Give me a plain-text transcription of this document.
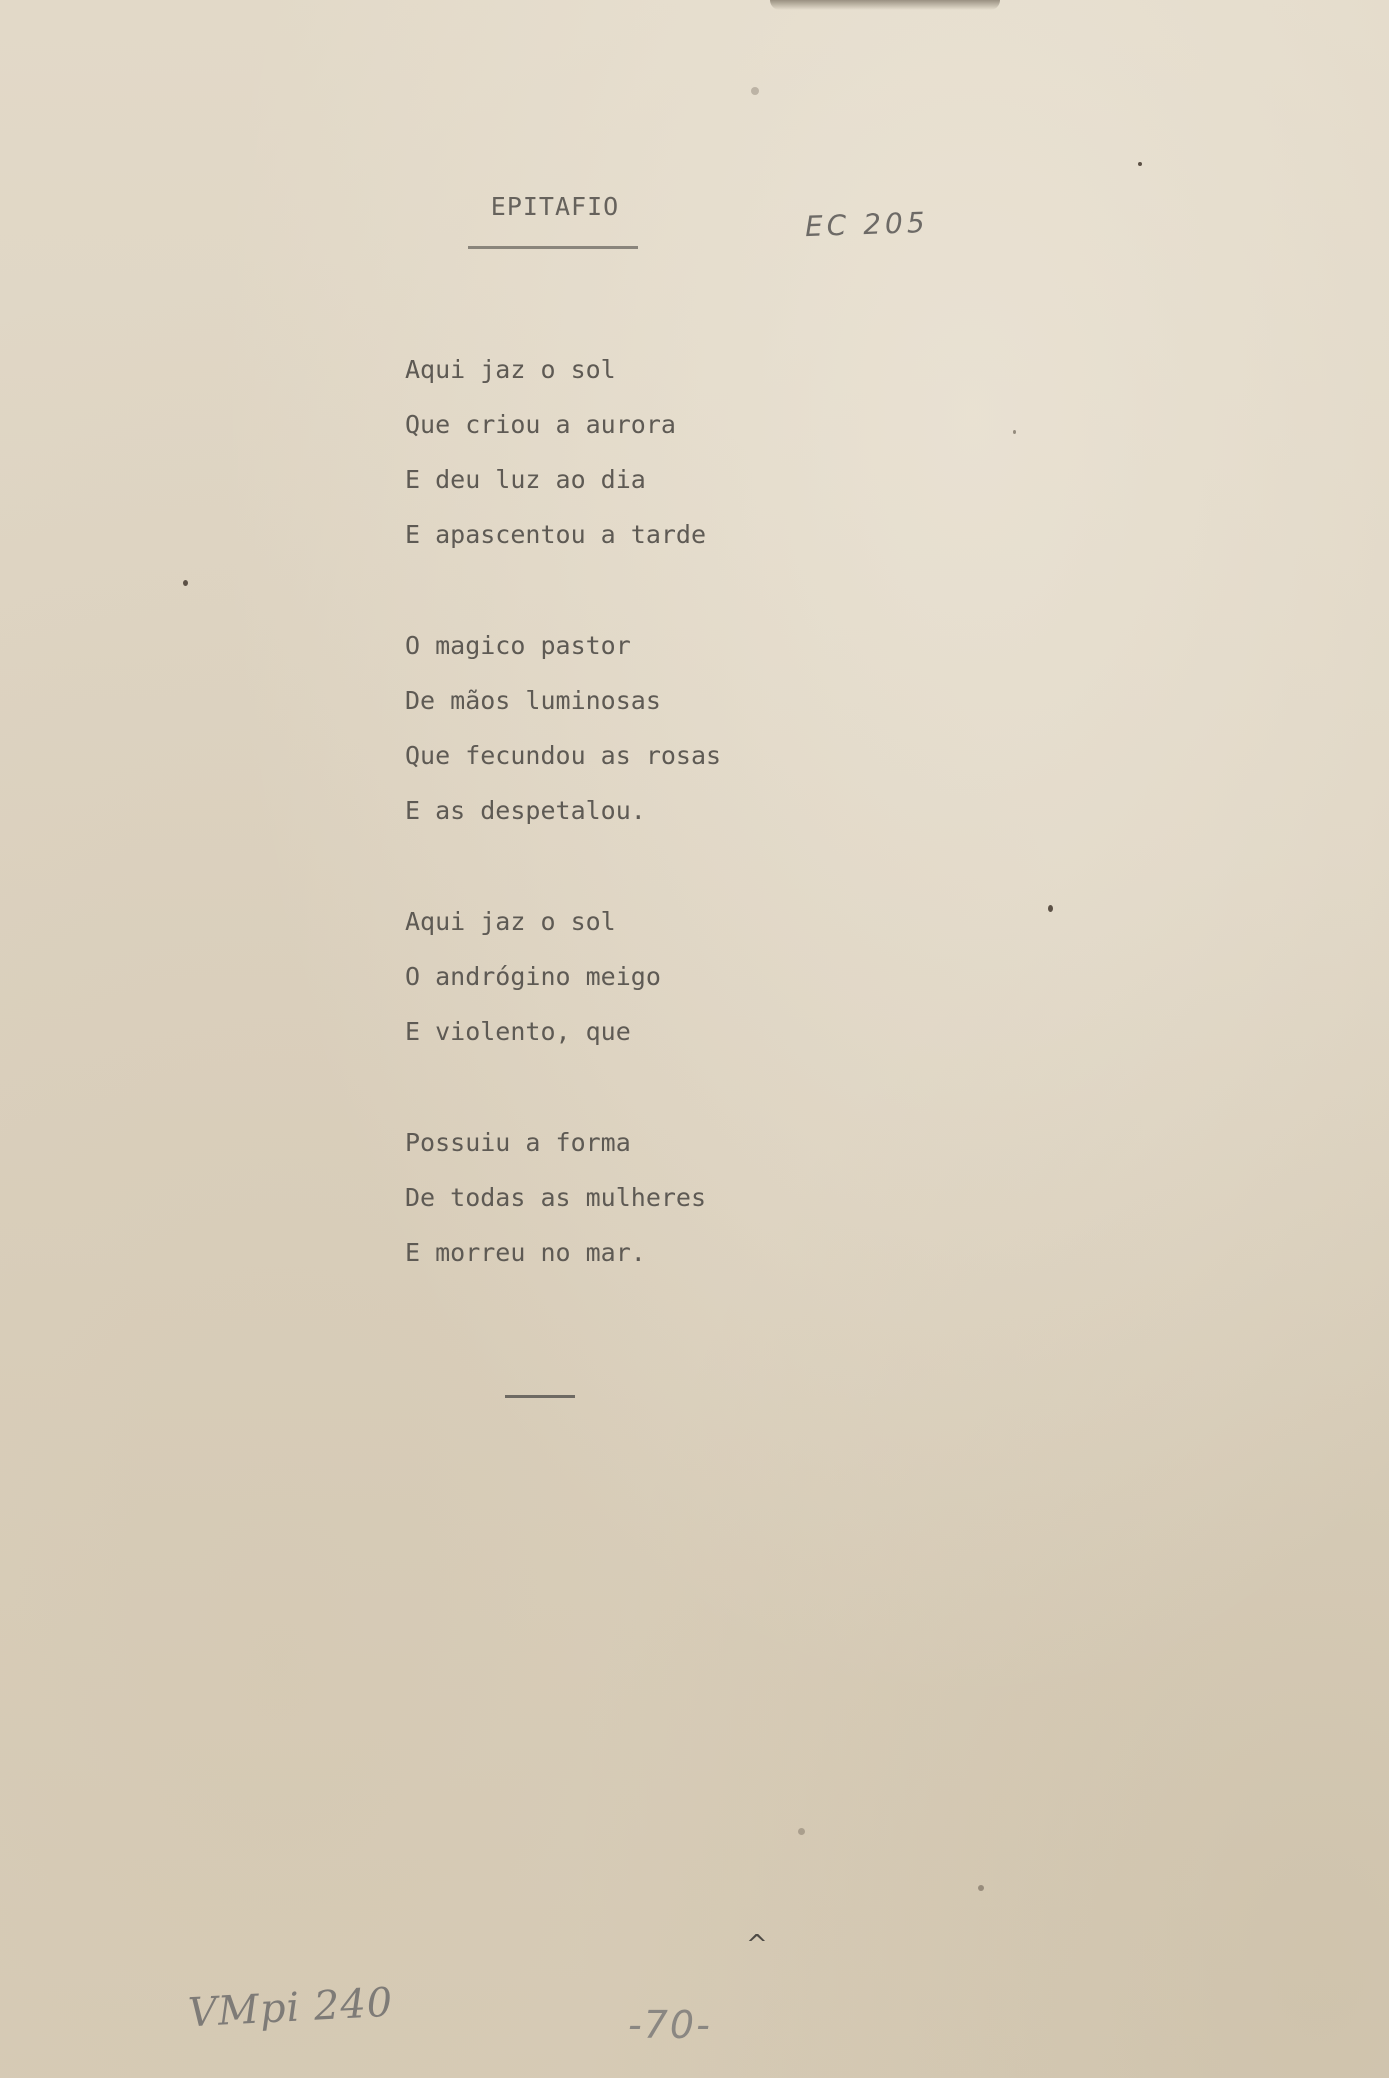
EPITAFIO	EC 205
Aqui jaz o sol
Que criou a aurora
E deu luz ao dia
E apascentou a tarde
O magico pastor
De mãos luminosas
Que fecundou as rosas
E as despetalou.
Aqui jaz o sol
O andrógino meigo
E violento, que
Possuiu a forma
De todas as mulheres
E morreu no mar.
^
VMpi 240	-70-
